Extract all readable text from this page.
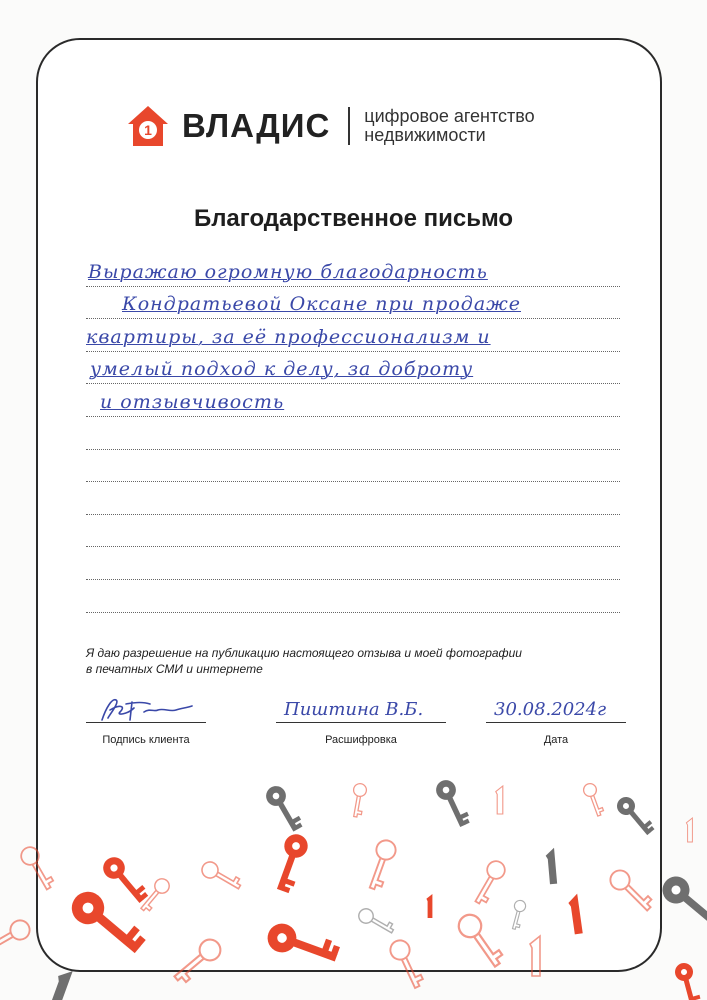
1 ВЛАДИС цифровое агентство
недвижимости
Благодарственное письмо
Выражаю огромную благодарность
Кондратьевой Оксане при продаже
квартиры, за её профессионализм и
умелый подход к делу, за доброту
и отзывчивость
Я даю разрешение на публикацию настоящего отзыва и моей фотографии
в печатных СМИ и интернете
Подпись клиента
Пиштина В.Б.
Расшифровка
30.08.2024г
Дата
